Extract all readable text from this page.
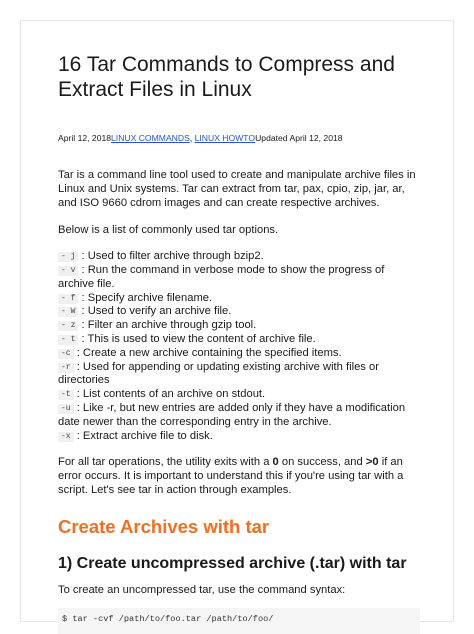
16 Tar Commands to Compress and Extract Files in Linux
April 12, 2018LINUX COMMANDS, LINUX HOWTOUpdated April 12, 2018

Tar is a command line tool used to create and manipulate archive files in Linux and Unix systems. Tar can extract from tar, pax, cpio, zip, jar, ar, and ISO 9660 cdrom images and can create respective archives.

Below is a list of commonly used tar options.

- j : Used to filter archive through bzip2.
- v : Run the command in verbose mode to show the progress of archive file.
- f : Specify archive filename.
- W : Used to verify an archive file.
- z : Filter an archive through gzip tool.
- t : This is used to view the content of archive file.
-c : Create a new archive containing the specified items.
-r : Used for appending or updating existing archive with files or directories
-t : List contents of an archive on stdout.
-u : Like -r, but new entries are added only if they have a modification date newer than the corresponding entry in the archive.
-x : Extract archive file to disk.

For all tar operations, the utility exits with a 0 on success, and >0 if an error occurs. It is important to understand this if you're using tar with a script. Let's see tar in action through examples.

Create Archives with tar
1) Create uncompressed archive (.tar) with tar

To create an uncompressed tar, use the command syntax:

$ tar -cvf /path/to/foo.tar /path/to/foo/
